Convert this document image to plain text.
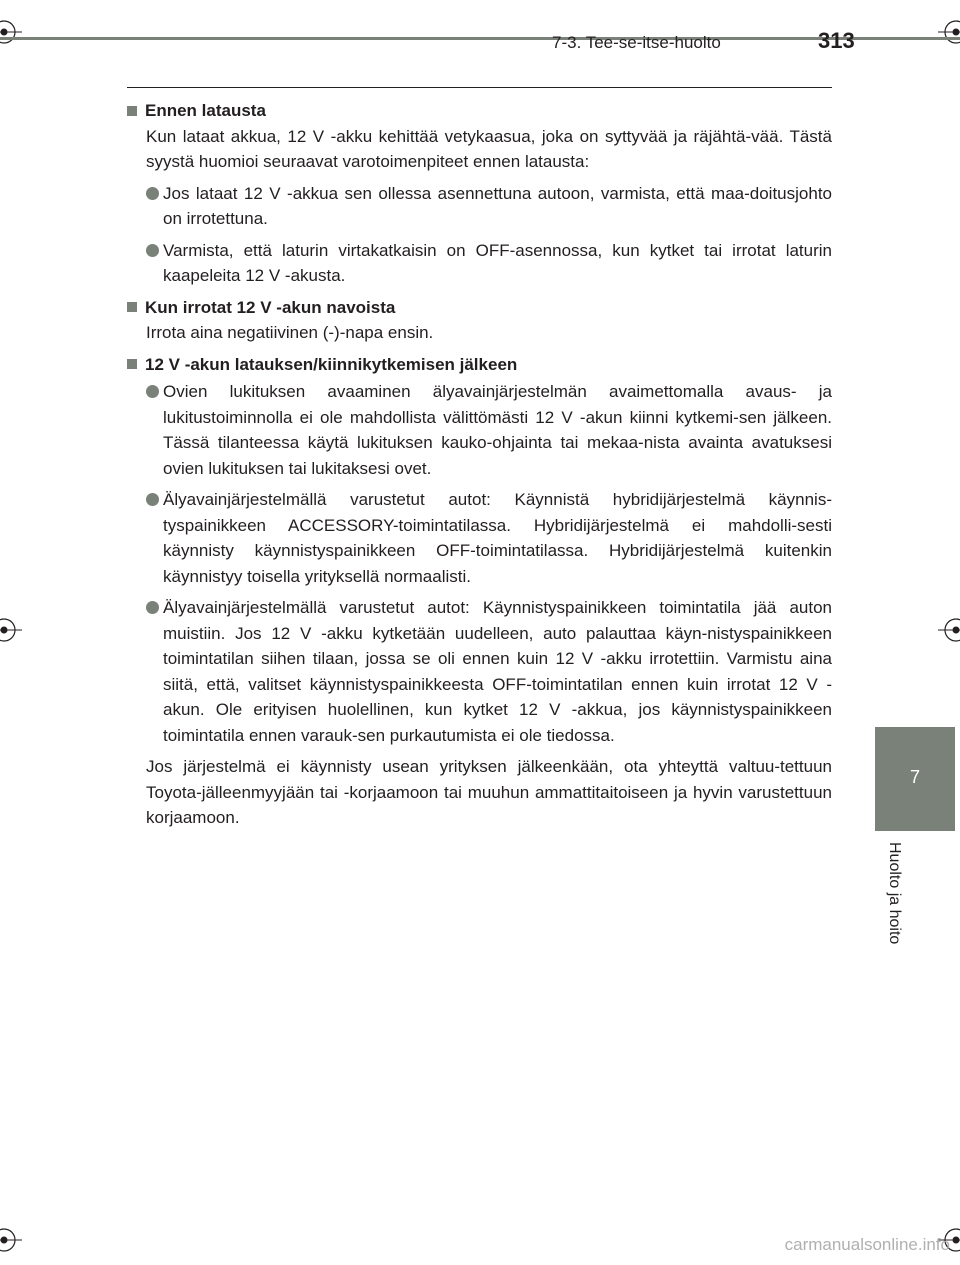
7-3. Tee-se-itse-huolto	313
7
Huolto ja hoito
Ennen latausta
Kun lataat akkua, 12 V -akku kehittää vetykaasua, joka on syttyvää ja räjähtä-vää. Tästä syystä huomioi seuraavat varotoimenpiteet ennen latausta:
Jos lataat 12 V -akkua sen ollessa asennettuna autoon, varmista, että maa-doitusjohto on irrotettuna.
Varmista, että laturin virtakatkaisin on OFF-asennossa, kun kytket tai irrotat laturin kaapeleita 12 V -akusta.
Kun irrotat 12 V -akun navoista
Irrota aina negatiivinen (-)-napa ensin.
12 V -akun latauksen/kiinnikytkemisen jälkeen
Ovien lukituksen avaaminen älyavainjärjestelmän avaimettomalla avaus- ja lukitustoiminnolla ei ole mahdollista välittömästi 12 V -akun kiinni kytkemi-sen jälkeen. Tässä tilanteessa käytä lukituksen kauko-ohjainta tai mekaa-nista avainta avatuksesi ovien lukituksen tai lukitaksesi ovet.
Älyavainjärjestelmällä varustetut autot: Käynnistä hybridijärjestelmä käynnis-tyspainikkeen ACCESSORY-toimintatilassa. Hybridijärjestelmä ei mahdolli-sesti käynnisty käynnistyspainikkeen OFF-toimintatilassa. Hybridijärjestelmä kuitenkin käynnistyy toisella yrityksellä normaalisti.
Älyavainjärjestelmällä varustetut autot: Käynnistyspainikkeen toimintatila jää auton muistiin. Jos 12 V -akku kytketään uudelleen, auto palauttaa käyn-nistyspainikkeen toimintatilan siihen tilaan, jossa se oli ennen kuin 12 V -akku irrotettiin. Varmistu aina siitä, että, valitset käynnistyspainikkeesta OFF-toimintatilan ennen kuin irrotat 12 V -akun. Ole erityisen huolellinen, kun kytket 12 V -akkua, jos käynnistyspainikkeen toimintatila ennen varauk-sen purkautumista ei ole tiedossa.
Jos järjestelmä ei käynnisty usean yrityksen jälkeenkään, ota yhteyttä valtuu-tettuun Toyota-jälleenmyyjään tai -korjaamoon tai muuhun ammattitaitoiseen ja hyvin varustettuun korjaamoon.
carmanualsonline.info
